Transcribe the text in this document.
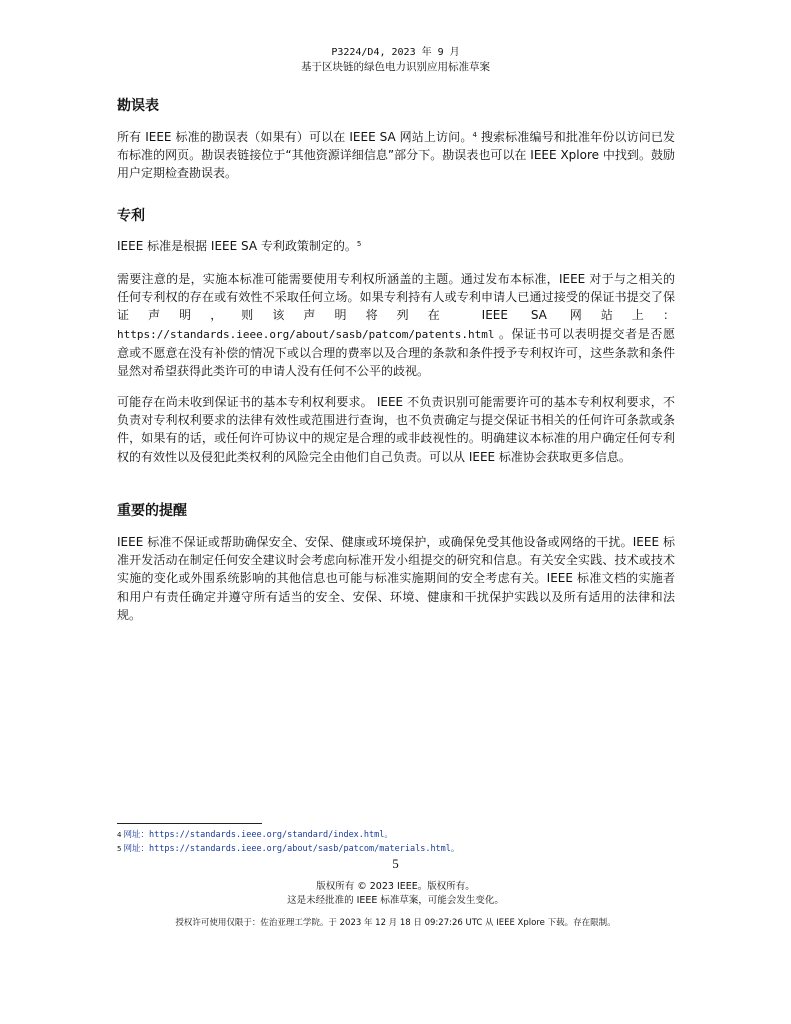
P3224/D4, 2023 年 9 月
基于区块链的绿色电力识别应用标准草案
勘误表

所有 IEEE 标准的勘误表（如果有）可以在 IEEE SA 网站上访问。$^4$ 搜索标准编号和批准年份以访问已发布标准的网页。勘误表链接位于“其他资源详细信息”部分下。勘误表也可以在 IEEE Xplore 中找到。鼓励用户定期检查勘误表。

专利

IEEE 标准是根据 IEEE SA 专利政策制定的。$^5$

需要注意的是，实施本标准可能需要使用专利权所涵盖的主题。通过发布本标准，IEEE 对于与之相关的任何专利权的存在或有效性不采取任何立场。如果专利持有人或专利申请人已通过接受的保证书提交了保证声明，则该声明将列在 IEEE SA 网站上：https://standards.ieee.org/about/sasb/patcom/patents.html 。保证书可以表明提交者是否愿意或不愿意在没有补偿的情况下或以合理的费率以及合理的条款和条件授予专利权许可，这些条款和条件显然对希望获得此类许可的申请人没有任何不公平的歧视。

可能存在尚未收到保证书的基本专利权利要求。 IEEE 不负责识别可能需要许可的基本专利权利要求，不负责对专利权利要求的法律有效性或范围进行查询，也不负责确定与提交保证书相关的任何许可条款或条件，如果有的话，或任何许可协议中的规定是合理的或非歧视性的。明确建议本标准的用户确定任何专利权的有效性以及侵犯此类权利的风险完全由他们自己负责。可以从 IEEE 标准协会获取更多信息。

重要的提醒

IEEE 标准不保证或帮助确保安全、安保、健康或环境保护，或确保免受其他设备或网络的干扰。IEEE 标准开发活动在制定任何安全建议时会考虑向标准开发小组提交的研究和信息。有关安全实践、技术或技术实施的变化或外围系统影响的其他信息也可能与标准实施期间的安全考虑有关。IEEE 标准文档的实施者和用户有责任确定并遵守所有适当的安全、安保、环境、健康和干扰保护实践以及所有适用的法律和法规。

$^4$ 网址：https://standards.ieee.org/standard/index.html。
$^5$ 网址：https://standards.ieee.org/about/sasb/patcom/materials.html。
5
版权所有 © 2023 IEEE。版权所有。
这是未经批准的 IEEE 标准草案，可能会发生变化。
授权许可使用仅限于：佐治亚理工学院。于 2023 年 12 月 18 日 09:27:26 UTC 从 IEEE Xplore 下载。存在限制。
